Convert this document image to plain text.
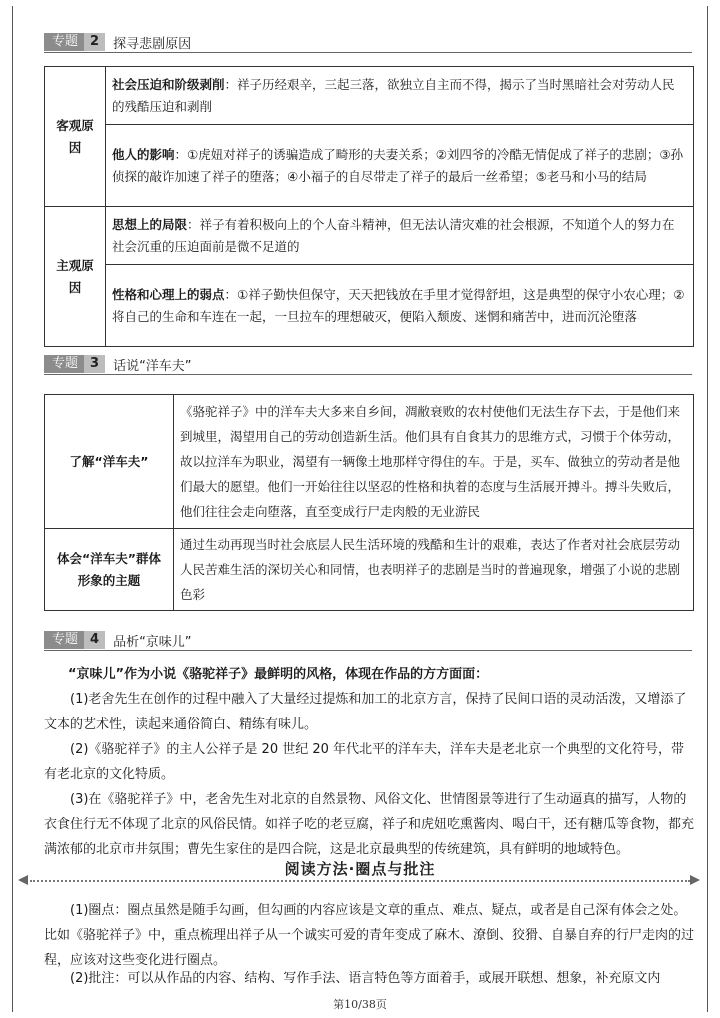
专题 2	探寻悲剧原因
客观原因	社会压迫和阶级剥削：祥子历经艰辛，三起三落，欲独立自主而不得，揭示了当时黑暗社会对劳动人民的残酷压迫和剥削
	他人的影响：①虎妞对祥子的诱骗造成了畸形的夫妻关系；②刘四爷的冷酷无情促成了祥子的悲剧；③孙侦探的敲诈加速了祥子的堕落；④小福子的自尽带走了祥子的最后一丝希望；⑤老马和小马的结局
主观原因	思想上的局限：祥子有着积极向上的个人奋斗精神，但无法认清灾难的社会根源，不知道个人的努力在社会沉重的压迫面前是微不足道的
	性格和心理上的弱点：①祥子勤快但保守，天天把钱放在手里才觉得舒坦，这是典型的保守小农心理；②将自己的生命和车连在一起，一旦拉车的理想破灭，便陷入颓废、迷惘和痛苦中，进而沉沦堕落
专题 3	话说“洋车夫”
了解“洋车夫”	《骆驼祥子》中的洋车夫大多来自乡间，凋敝衰败的农村使他们无法生存下去，于是他们来到城里，渴望用自己的劳动创造新生活。他们具有自食其力的思维方式，习惯于个体劳动，故以拉洋车为职业，渴望有一辆像土地那样守得住的车。于是，买车、做独立的劳动者是他们最大的愿望。他们一开始往往以坚忍的性格和执着的态度与生活展开搏斗。搏斗失败后，他们往往会走向堕落，直至变成行尸走肉般的无业游民
体会“洋车夫”群体形象的主题	通过生动再现当时社会底层人民生活环境的残酷和生计的艰难，表达了作者对社会底层劳动人民苦难生活的深切关心和同情，也表明祥子的悲剧是当时的普遍现象，增强了小说的悲剧色彩
专题 4	品析“京味儿”

“京味儿”作为小说《骆驼祥子》最鲜明的风格，体现在作品的方方面面：

(1)老舍先生在创作的过程中融入了大量经过提炼和加工的北京方言，保持了民间口语的灵动活泼，又增添了文本的艺术性，读起来通俗简白、精练有味儿。

(2)《骆驼祥子》的主人公祥子是 20 世纪 20 年代北平的洋车夫，洋车夫是老北京一个典型的文化符号，带有老北京的文化特质。

(3)在《骆驼祥子》中，老舍先生对北京的自然景物、风俗文化、世情图景等进行了生动逼真的描写，人物的衣食住行无不体现了北京的风俗民情。如祥子吃的老豆腐，祥子和虎妞吃熏酱肉、喝白干，还有糖瓜等食物，都充满浓郁的北京市井氛围；曹先生家住的是四合院，这是北京最典型的传统建筑，具有鲜明的地域特色。

阅读方法·圈点与批注

(1)圈点：圈点虽然是随手勾画，但勾画的内容应该是文章的重点、难点、疑点，或者是自己深有体会之处。比如《骆驼祥子》中，重点梳理出祥子从一个诚实可爱的青年变成了麻木、潦倒、狡猾、自暴自弃的行尸走肉的过程，应该对这些变化进行圈点。

(2)批注：可以从作品的内容、结构、写作手法、语言特色等方面着手，或展开联想、想象，补充原文内

第10/38页
